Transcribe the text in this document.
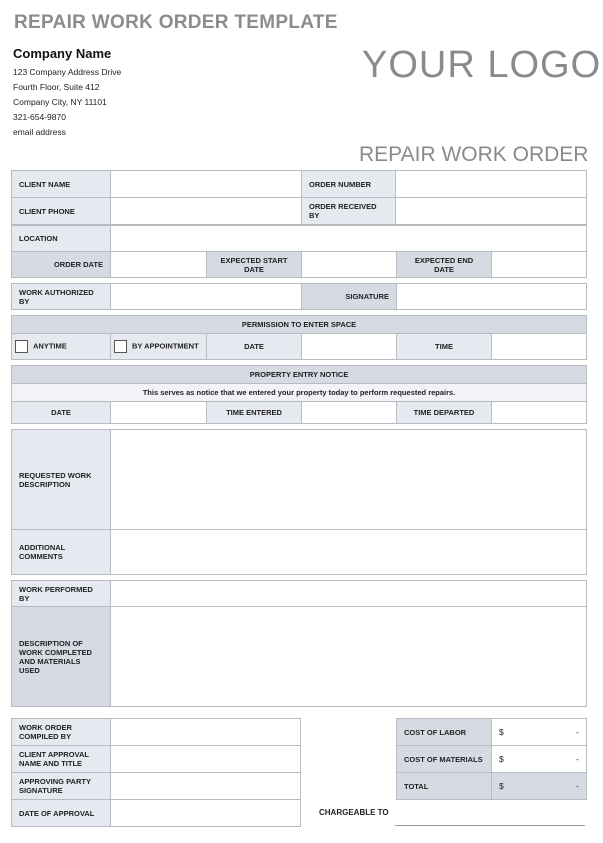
REPAIR WORK ORDER TEMPLATE
Company Name
123 Company Address Drive
Fourth Floor, Suite 412
Company City, NY 11101
321-654-9870
email address
YOUR LOGO
REPAIR WORK ORDER
CLIENT NAME		ORDER NUMBER	
CLIENT PHONE		ORDER RECEIVED BY	
LOCATION	
ORDER DATE		EXPECTED START DATE		EXPECTED END DATE	
WORK AUTHORIZED BY		SIGNATURE	
PERMISSION TO ENTER SPACE
ANYTIME	BY APPOINTMENT	DATE		TIME	
PROPERTY ENTRY NOTICE
This serves as notice that we entered your property today to perform requested repairs.
DATE		TIME ENTERED		TIME DEPARTED	
REQUESTED WORK DESCRIPTION	
ADDITIONAL COMMENTS	
WORK PERFORMED BY	
DESCRIPTION OF WORK COMPLETED AND MATERIALS USED	
WORK ORDER COMPILED BY	
CLIENT APPROVAL NAME AND TITLE	
APPROVING PARTY SIGNATURE	
DATE OF APPROVAL	
COST OF LABOR	$ -

COST OF MATERIALS	$ -

TOTAL	$ -
CHARGEABLE TO
